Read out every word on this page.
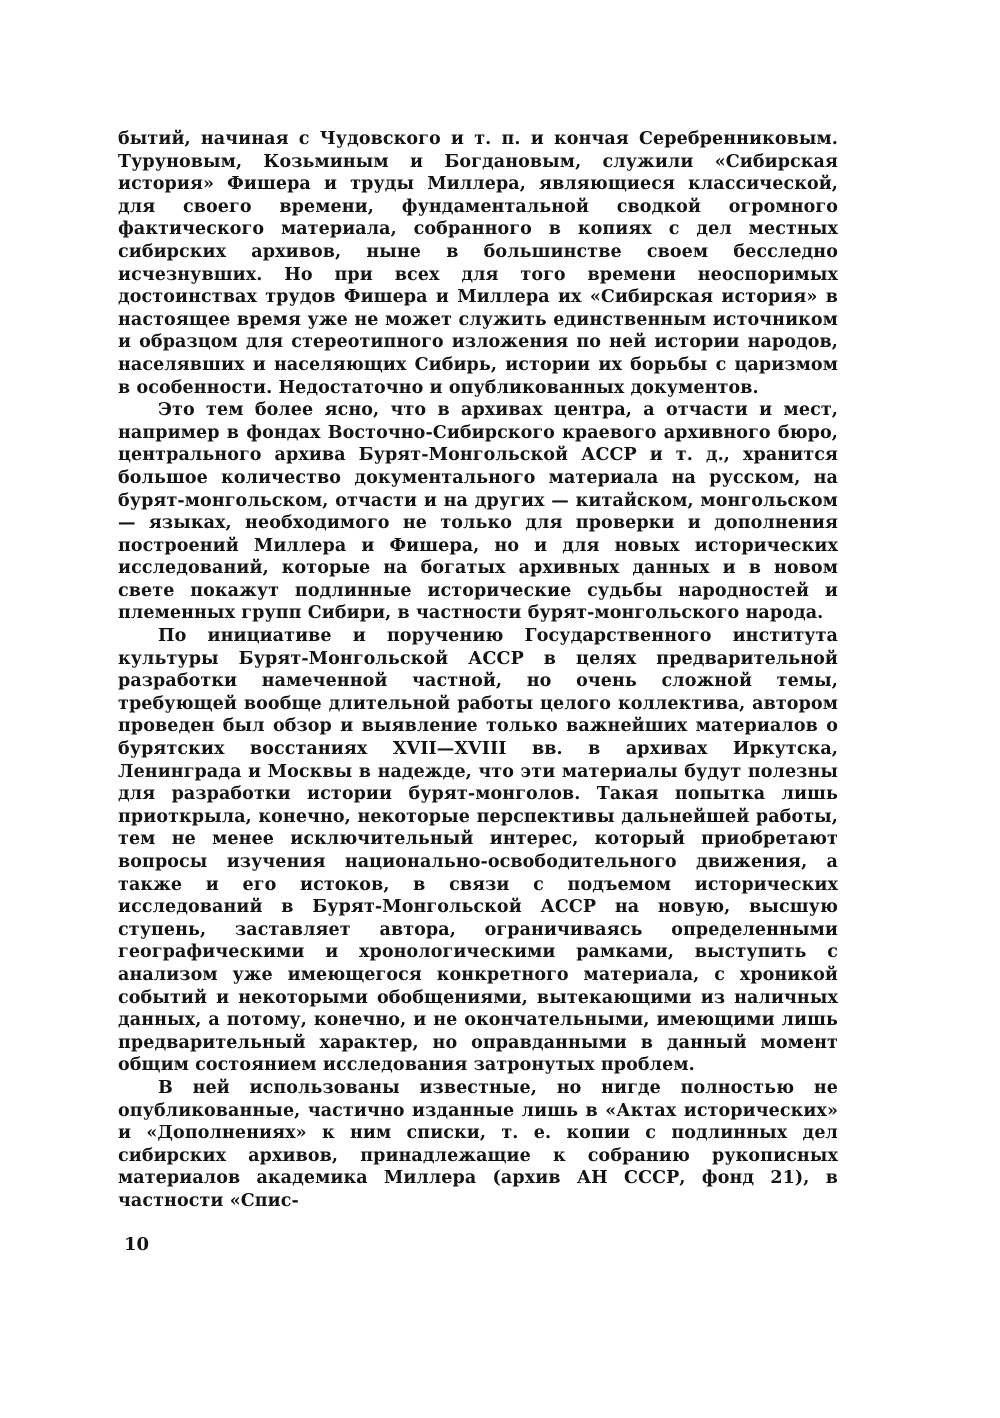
бытий, начиная с Чудовского и т. п. и кончая Серебренниковым. Туруновым, Козьминым и Богдановым, служили «Сибирская история» Фишера и труды Миллера, являющиеся классической, для своего времени, фундаментальной сводкой огромного фактического материала, собранного в копиях с дел местных сибирских архивов, ныне в большинстве своем бесследно исчезнувших. Но при всех для того времени неоспоримых достоинствах трудов Фишера и Миллера их «Сибирская история» в настоящее время уже не может служить единственным источником и образцом для стереотипного изложения по ней истории народов, населявших и населяющих Сибирь, истории их борьбы с царизмом в особенности. Недостаточно и опубликованных документов.

Это тем более ясно, что в архивах центра, а отчасти и мест, например в фондах Восточно-Сибирского краевого архивного бюро, центрального архива Бурят-Монгольской АССР и т. д., хранится большое количество документального материала на русском, на бурят-монгольском, отчасти и на других — китайском, монгольском — языках, необходимого не только для проверки и дополнения построений Миллера и Фишера, но и для новых исторических исследований, которые на богатых архивных данных и в новом свете покажут подлинные исторические судьбы народностей и племенных групп Сибири, в частности бурят-монгольского народа.

По инициативе и поручению Государственного института культуры Бурят-Монгольской АССР в целях предварительной разработки намеченной частной, но очень сложной темы, требующей вообще длительной работы целого коллектива, автором проведен был обзор и выявление только важнейших материалов о бурятских восстаниях XVII—XVIII вв. в архивах Иркутска, Ленинграда и Москвы в надежде, что эти материалы будут полезны для разработки истории бурят-монголов. Такая попытка лишь приоткрыла, конечно, некоторые перспективы дальнейшей работы, тем не менее исключительный интерес, который приобретают вопросы изучения национально-освободительного движения, а также и его истоков, в связи с подъемом исторических исследований в Бурят-Монгольской АССР на новую, высшую ступень, заставляет автора, ограничиваясь определенными географическими и хронологическими рамками, выступить с анализом уже имеющегося конкретного материала, с хроникой событий и некоторыми обобщениями, вытекающими из наличных данных, а потому, конечно, и не окончательными, имеющими лишь предварительный характер, но оправданными в данный момент общим состоянием исследования затронутых проблем.

В ней использованы известные, но нигде полностью не опубликованные, частично изданные лишь в «Актах исторических» и «Дополнениях» к ним списки, т. е. копии с подлинных дел сибирских архивов, принадлежащие к собранию рукописных материалов академика Миллера (архив АН СССР, фонд 21), в частности «Спис-

10
